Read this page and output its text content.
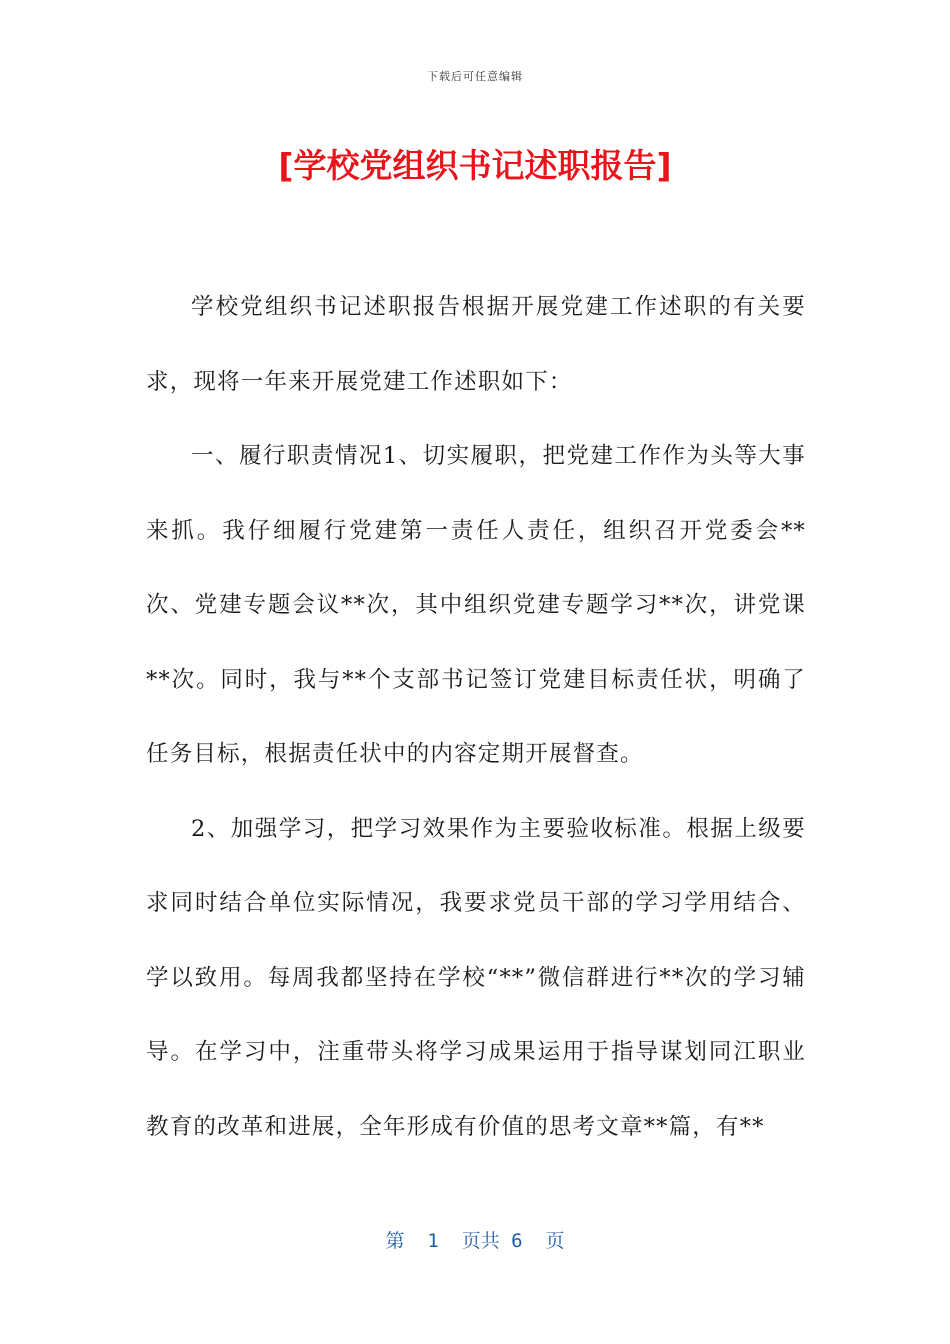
下载后可任意编辑
[学校党组织书记述职报告]

学校党组织书记述职报告根据开展党建工作述职的有关要求，现将一年来开展党建工作述职如下：

一、履行职责情况1、切实履职，把党建工作作为头等大事来抓。我仔细履行党建第一责任人责任，组织召开党委会**次、党建专题会议**次，其中组织党建专题学习**次，讲党课**次。同时，我与**个支部书记签订党建目标责任状，明确了任务目标，根据责任状中的内容定期开展督查。

2、加强学习，把学习效果作为主要验收标准。根据上级要求同时结合单位实际情况，我要求党员干部的学习学用结合、学以致用。每周我都坚持在学校“**”微信群进行**次的学习辅导。在学习中，注重带头将学习成果运用于指导谋划同江职业教育的改革和进展，全年形成有价值的思考文章**篇，有**

第  1  页共 6  页
